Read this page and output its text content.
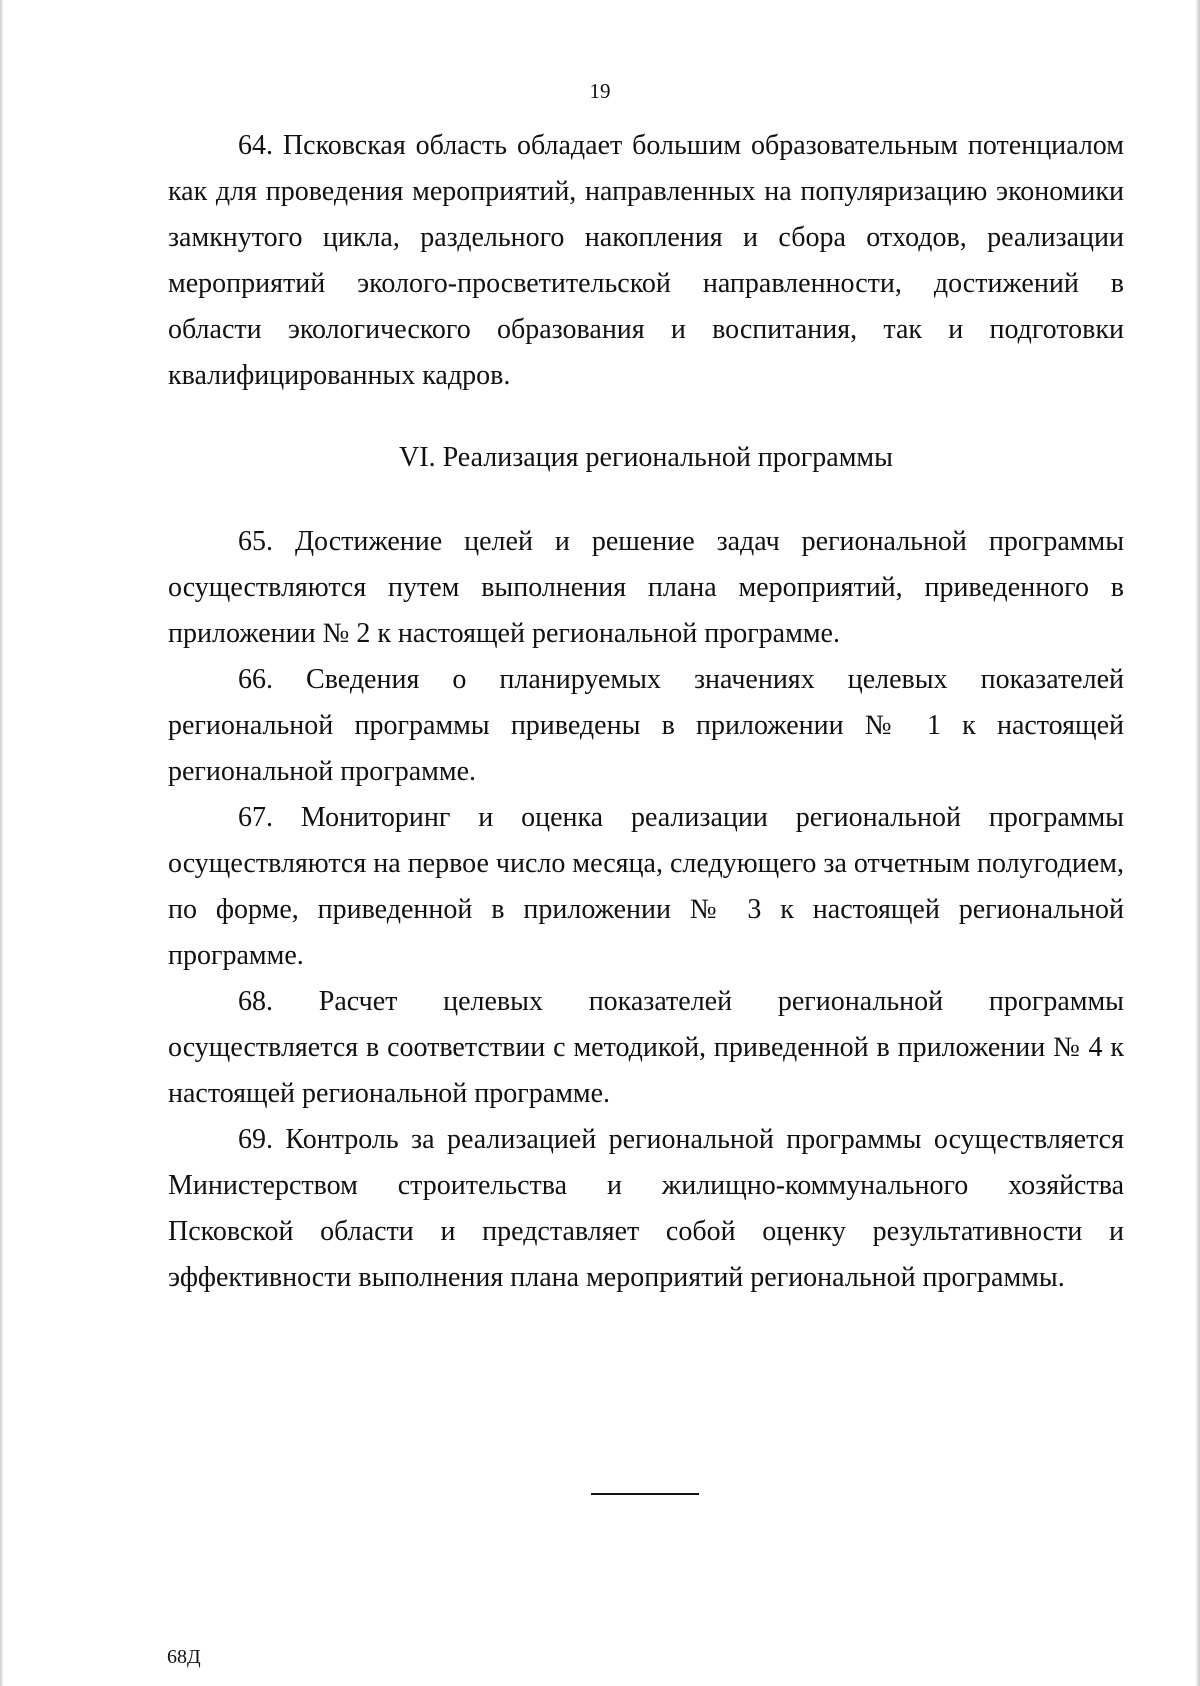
19

64. Псковская область обладает большим образовательным потенциалом как для проведения мероприятий, направленных на популяризацию экономики замкнутого цикла, раздельного накопления и сбора отходов, реализации мероприятий эколого-просветительской направленности, достижений в области экологического образования и воспитания, так и подготовки квалифицированных кадров.

VI. Реализация региональной программы

65. Достижение целей и решение задач региональной программы осуществляются путем выполнения плана мероприятий, приведенного в приложении № 2 к настоящей региональной программе.

66. Сведения о планируемых значениях целевых показателей региональной программы приведены в приложении № 1 к настоящей региональной программе.

67. Мониторинг и оценка реализации региональной программы осуществляются на первое число месяца, следующего за отчетным полугодием, по форме, приведенной в приложении № 3 к настоящей региональной программе.

68. Расчет целевых показателей региональной программы осуществляется в соответствии с методикой, приведенной в приложении № 4 к настоящей региональной программе.

69. Контроль за реализацией региональной программы осуществляется Министерством строительства и жилищно-коммунального хозяйства Псковской области и представляет собой оценку результативности и эффективности выполнения плана мероприятий региональной программы.

68Д
